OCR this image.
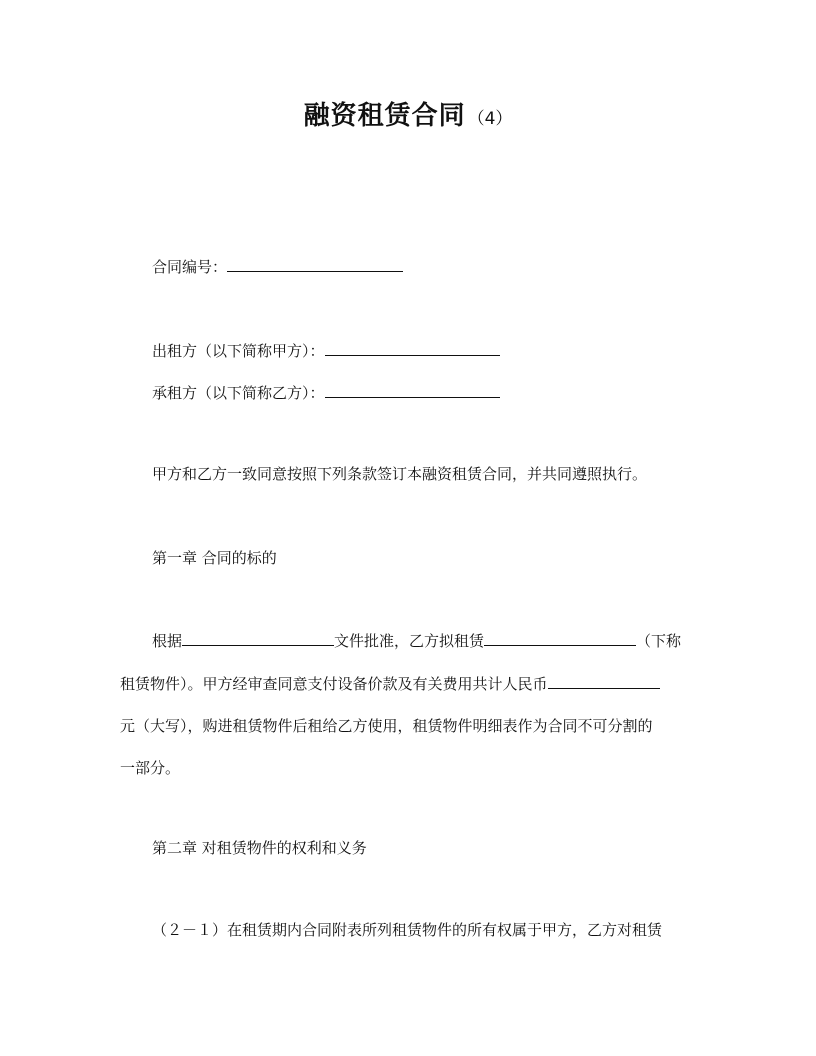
融资租赁合同 （4）
合同编号：
出租方（以下简称甲方）：
承租方（以下简称乙方）：
甲方和乙方一致同意按照下列条款签订本融资租赁合同，并共同遵照执行。
第一章 合同的标的
根据	文件批准，乙方拟租赁	（下称
租赁物件）。甲方经审查同意支付设备价款及有关费用共计人民币
元（大写），购进租赁物件后租给乙方使用，租赁物件明细表作为合同不可分割的
一部分。
第二章 对租赁物件的权利和义务
（２－１）在租赁期内合同附表所列租赁物件的所有权属于甲方，乙方对租赁
